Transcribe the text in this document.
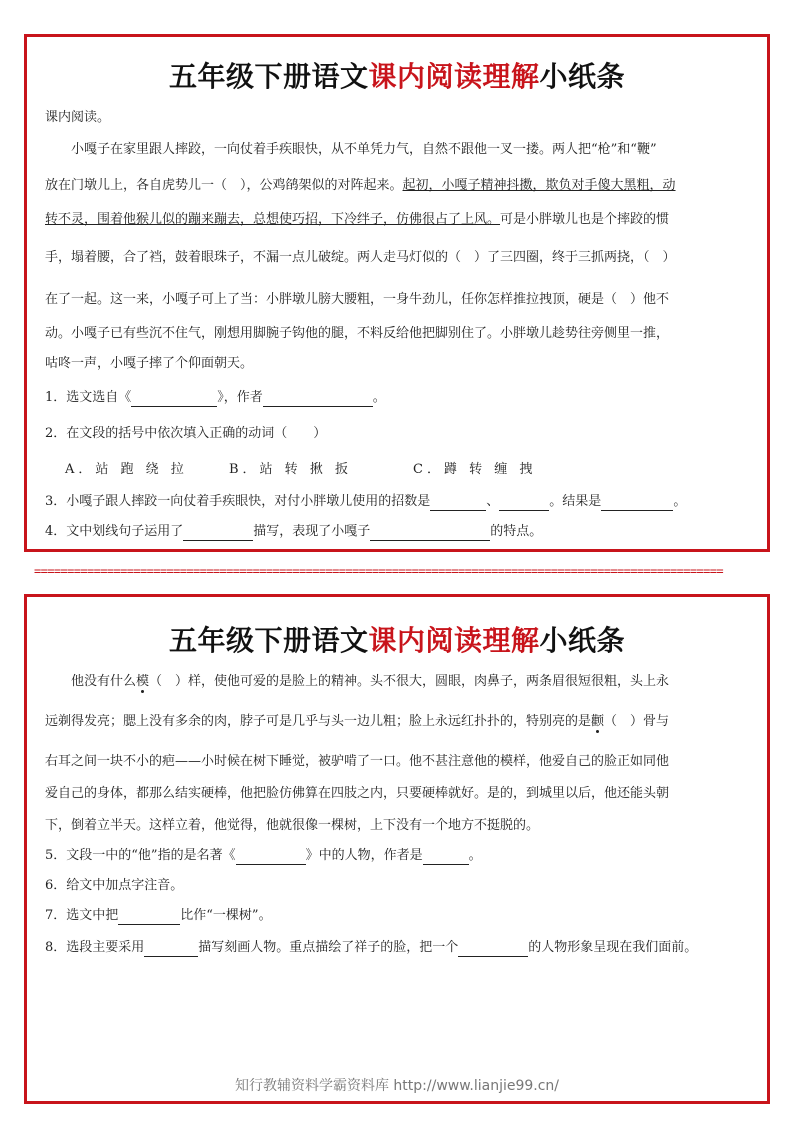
五年级下册语文课内阅读理解小纸条
课内阅读。
小嘎子在家里跟人摔跤，一向仗着手疾眼快，从不单凭力气，自然不跟他一叉一搂。两人把“枪”和“鞭”
放在门墩儿上，各自虎势儿一（　），公鸡鹐架似的对阵起来。起初，小嘎子精神抖擞，欺负对手傻大黑粗，动
转不灵，围着他猴儿似的蹦来蹦去，总想使巧招，下冷绊子，仿佛很占了上风。可是小胖墩儿也是个摔跤的惯
手，塌着腰，合了裆，鼓着眼珠子，不漏一点儿破绽。两人走马灯似的（　）了三四圈，终于三抓两挠，（　）
在了一起。这一来，小嘎子可上了当：小胖墩儿膀大腰粗，一身牛劲儿，任你怎样推拉拽顶，硬是（　）他不
动。小嘎子已有些沉不住气，刚想用脚腕子钩他的腿，不料反给他把脚别住了。小胖墩儿趁势往旁侧里一推，
咕咚一声，小嘎子摔了个仰面朝天。
1．选文选自《	》，作者	。
2．在文段的括号中依次填入正确的动词（　　）
A．站 跑 绕 拉	B．站 转 揪 扳	C．蹲 转 缠 拽
3．小嘎子跟人摔跤一向仗着手疾眼快，对付小胖墩儿使用的招数是	、	。结果是	。
4．文中划线句子运用了	描写，表现了小嘎子	的特点。
========================================================================================================
五年级下册语文课内阅读理解小纸条
他没有什么模（　）样，使他可爱的是脸上的精神。头不很大，圆眼，肉鼻子，两条眉很短很粗，头上永
远剃得发亮；腮上没有多余的肉，脖子可是几乎与头一边儿粗；脸上永远红扑扑的，特别亮的是颧（　）骨与
右耳之间一块不小的疤——小时候在树下睡觉，被驴啃了一口。他不甚注意他的模样，他爱自己的脸正如同他
爱自己的身体，都那么结实硬棒，他把脸仿佛算在四肢之内，只要硬棒就好。是的，到城里以后，他还能头朝
下，倒着立半天。这样立着，他觉得，他就很像一棵树，上下没有一个地方不挺脱的。
5．文段一中的“他”指的是名著《	》中的人物，作者是	。
6．给文中加点字注音。
7．选文中把	比作“一棵树”。
8．选段主要采用	描写刻画人物。重点描绘了祥子的脸，把一个	的人物形象呈现在我们面前。
知行教辅资料学霸资料库 http://www.lianjie99.cn/
